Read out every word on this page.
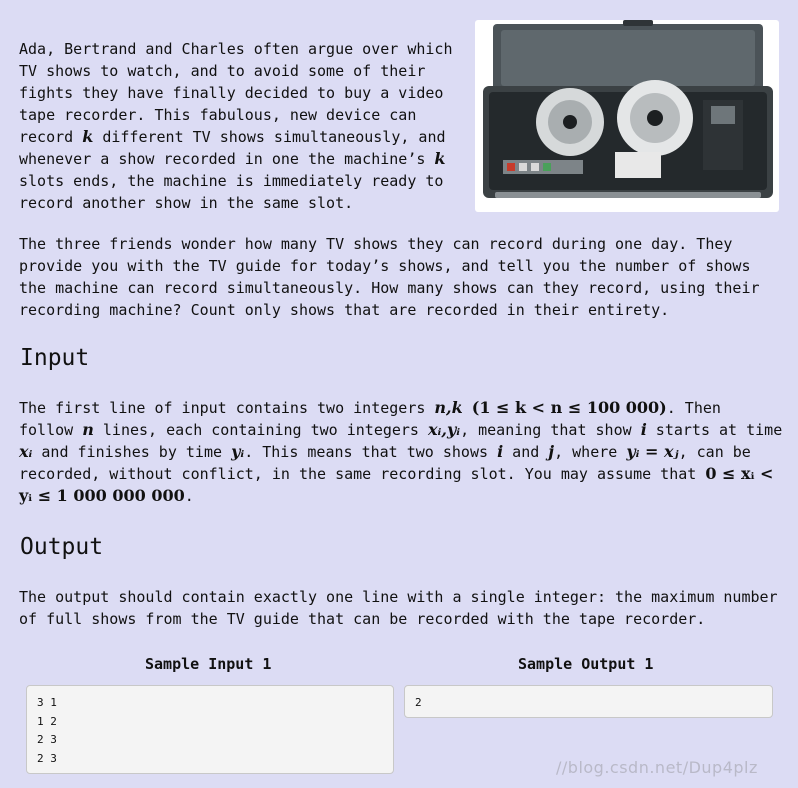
Ada, Bertrand and Charles often argue over which TV shows to watch, and to avoid some of their fights they have finally decided to buy a video tape recorder. This fabulous, new device can record k different TV shows simultaneously, and whenever a show recorded in one the machine’s k slots ends, the machine is immediately ready to record another show in the same slot.
The three friends wonder how many TV shows they can record during one day. They provide you with the TV guide for today’s shows, and tell you the number of shows the machine can record simultaneously. How many shows can they record, using their recording machine? Count only shows that are recorded in their entirety.
Input
The first line of input contains two integers n,k (1 ≤ k < n ≤ 100 000). Then follow n lines, each containing two integers xᵢ,yᵢ, meaning that show i starts at time xᵢ and finishes by time yᵢ. This means that two shows i and j, where yᵢ = xⱼ, can be recorded, without conflict, in the same recording slot. You may assume that 0 ≤ xᵢ < yᵢ ≤ 1 000 000 000.
Output
The output should contain exactly one line with a single integer: the maximum number of full shows from the TV guide that can be recorded with the tape recorder.
Sample Input 1	Sample Output 1
3 1
1 2
2 3
2 3
2
//blog.csdn.net/Dup4plz
